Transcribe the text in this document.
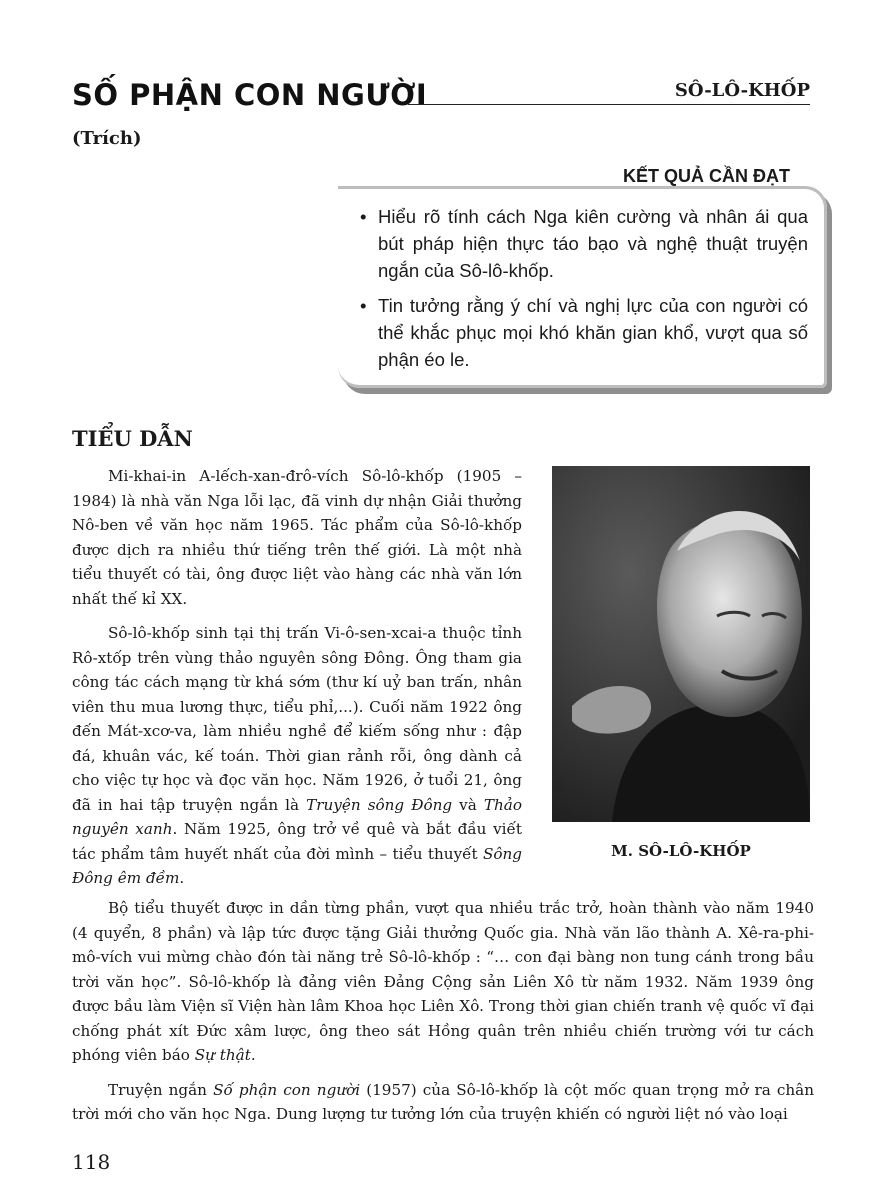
SỐ PHẬN CON NGƯỜI	SÔ-LÔ-KHỐP
(Trích)
KẾT QUẢ CẦN ĐẠT
• Hiểu rõ tính cách Nga kiên cường và nhân ái qua bút pháp hiện thực táo bạo và nghệ thuật truyện ngắn của Sô-lô-khốp.
• Tin tưởng rằng ý chí và nghị lực của con người có thể khắc phục mọi khó khăn gian khổ, vượt qua số phận éo le.
TIỂU DẪN

Mi-khai-in A-lếch-xan-đrô-vích Sô-lô-khốp (1905 – 1984) là nhà văn Nga lỗi lạc, đã vinh dự nhận Giải thưởng Nô-ben về văn học năm 1965. Tác phẩm của Sô-lô-khốp được dịch ra nhiều thứ tiếng trên thế giới. Là một nhà tiểu thuyết có tài, ông được liệt vào hàng các nhà văn lớn nhất thế kỉ XX.

Sô-lô-khốp sinh tại thị trấn Vi-ô-sen-xcai-a thuộc tỉnh Rô-xtốp trên vùng thảo nguyên sông Đông. Ông tham gia công tác cách mạng từ khá sớm (thư kí uỷ ban trấn, nhân viên thu mua lương thực, tiểu phỉ,...). Cuối năm 1922 ông đến Mát-xcơ-va, làm nhiều nghề để kiếm sống như : đập đá, khuân vác, kế toán. Thời gian rảnh rỗi, ông dành cả cho việc tự học và đọc văn học. Năm 1926, ở tuổi 21, ông đã in hai tập truyện ngắn là Truyện sông Đông và Thảo nguyên xanh. Năm 1925, ông trở về quê và bắt đầu viết tác phẩm tâm huyết nhất của đời mình – tiểu thuyết Sông Đông êm đềm.

M. SÔ-LÔ-KHỐP

Bộ tiểu thuyết được in dần từng phần, vượt qua nhiều trắc trở, hoàn thành vào năm 1940 (4 quyển, 8 phần) và lập tức được tặng Giải thưởng Quốc gia. Nhà văn lão thành A. Xê-ra-phi-mô-vích vui mừng chào đón tài năng trẻ Sô-lô-khốp : “… con đại bàng non tung cánh trong bầu trời văn học”. Sô-lô-khốp là đảng viên Đảng Cộng sản Liên Xô từ năm 1932. Năm 1939 ông được bầu làm Viện sĩ Viện hàn lâm Khoa học Liên Xô. Trong thời gian chiến tranh vệ quốc vĩ đại chống phát xít Đức xâm lược, ông theo sát Hồng quân trên nhiều chiến trường với tư cách phóng viên báo Sự thật.

Truyện ngắn Số phận con người (1957) của Sô-lô-khốp là cột mốc quan trọng mở ra chân trời mới cho văn học Nga. Dung lượng tư tưởng lớn của truyện khiến có người liệt nó vào loại

118
